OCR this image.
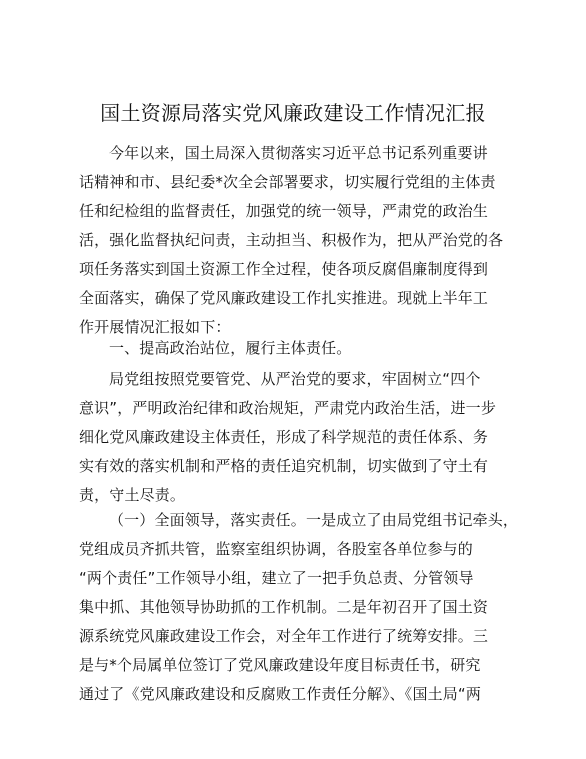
国土资源局落实党风廉政建设工作情况汇报
今年以来，国土局深入贯彻落实习近平总书记系列重要讲
话精神和市、县纪委*次全会部署要求，切实履行党组的主体责
任和纪检组的监督责任，加强党的统一领导，严肃党的政治生
活，强化监督执纪问责，主动担当、积极作为，把从严治党的各
项任务落实到国土资源工作全过程，使各项反腐倡廉制度得到
全面落实，确保了党风廉政建设工作扎实推进。现就上半年工
作开展情况汇报如下：
一、提高政治站位，履行主体责任。
局党组按照党要管党、从严治党的要求，牢固树立“四个
意识”，严明政治纪律和政治规矩，严肃党内政治生活，进一步
细化党风廉政建设主体责任，形成了科学规范的责任体系、务
实有效的落实机制和严格的责任追究机制，切实做到了守土有
责，守土尽责。
（一）全面领导，落实责任。一是成立了由局党组书记牵头，
党组成员齐抓共管，监察室组织协调，各股室各单位参与的
“两个责任”工作领导小组，建立了一把手负总责、分管领导
集中抓、其他领导协助抓的工作机制。二是年初召开了国土资
源系统党风廉政建设工作会，对全年工作进行了统筹安排。三
是与*个局属单位签订了党风廉政建设年度目标责任书，研究
通过了《党风廉政建设和反腐败工作责任分解》、《国土局“两
